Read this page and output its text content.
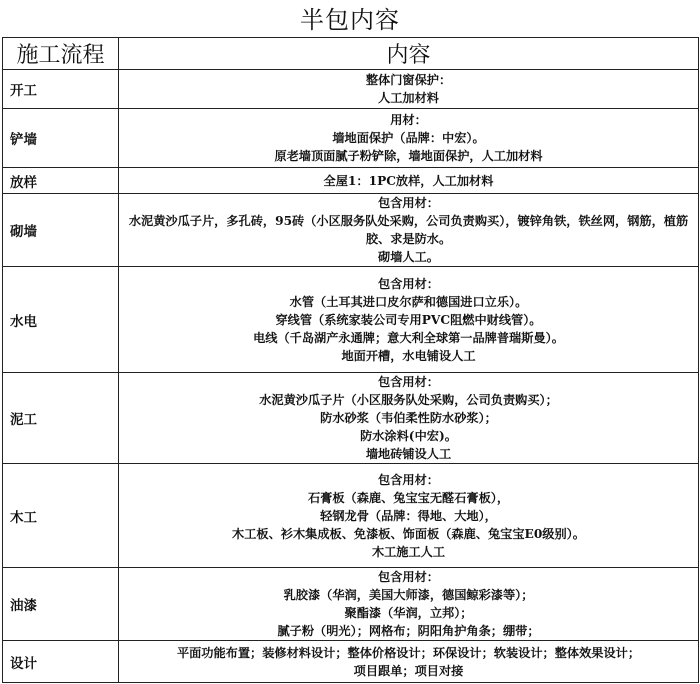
半包内容
施工流程	内容
开工	整体门窗保护：
人工加材料

铲墙	用材：
墙地面保护（品牌：中宏）。
原老墙顶面腻子粉铲除，墙地面保护，人工加材料

放样	全屋1：1PC放样，人工加材料

砌墙	包含用材：
水泥黄沙瓜子片，多孔砖，95砖（小区服务队处采购，公司负责购买），镀锌角铁，铁丝网，钢筋，植筋胶、求是防水。
砌墙人工。

水电	包含用材：
水管（土耳其进口皮尔萨和德国进口立乐）。
穿线管（系统家装公司专用PVC阻燃中财线管）。
电线（千岛湖产永通牌；意大利全球第一品牌普瑞斯曼）。
地面开槽，水电铺设人工

泥工	包含用材：
水泥黄沙瓜子片（小区服务队处采购，公司负责购买）；
防水砂浆（韦伯柔性防水砂浆）；
防水涂料(中宏)。
墙地砖铺设人工

木工	包含用材：
石膏板（森鹿、兔宝宝无醛石膏板），
轻钢龙骨（品牌：得地、大地），
木工板、衫木集成板、免漆板、饰面板（森鹿、兔宝宝E0级别）。
木工施工人工

油漆	包含用材：
乳胶漆（华润，美国大师漆，德国鲸彩漆等）；
聚酯漆（华润，立邦）；
腻子粉（明光）；网格布；阴阳角护角条；绷带；

设计	平面功能布置；装修材料设计；整体价格设计；环保设计；软装设计；整体效果设计；
项目跟单；项目对接
